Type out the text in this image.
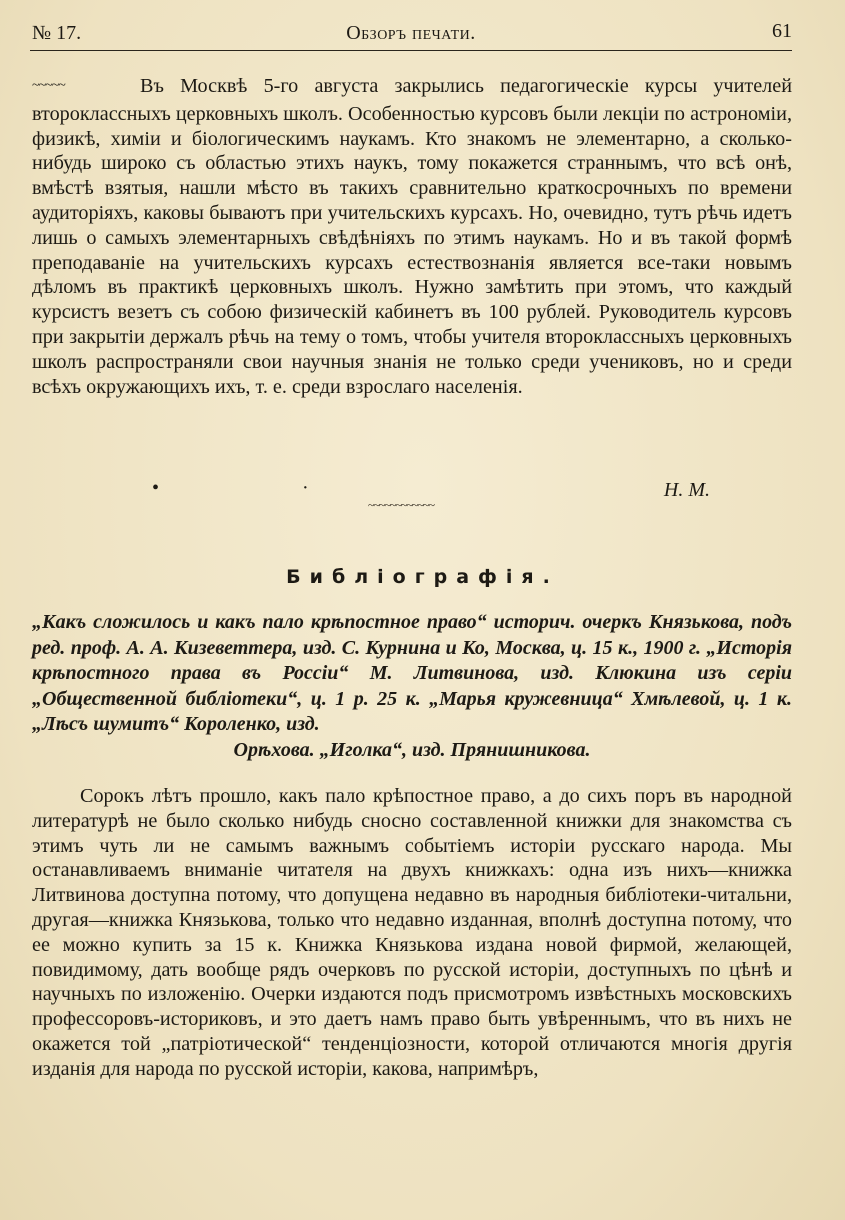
№ 17.	Обзоръ печати.	61
~~~~~	Въ Москвѣ 5-го августа закрылись педагогическіе курсы учителей второклассныхъ церковныхъ школъ. Особенностью курсовъ были лекціи по астрономіи, физикѣ, химіи и біологическимъ наукамъ. Кто знакомъ не элементарно, а сколько-нибудь широко съ областью этихъ наукъ, тому покажется страннымъ, что всѣ онѣ, вмѣстѣ взятыя, нашли мѣсто въ такихъ сравнительно краткосрочныхъ по времени аудиторіяхъ, каковы бываютъ при учительскихъ курсахъ. Но, очевидно, тутъ рѣчь идетъ лишь о самыхъ элементарныхъ свѣдѣніяхъ по этимъ наукамъ. Но и въ такой формѣ преподаваніе на учительскихъ курсахъ естествознанія является все-таки новымъ дѣломъ въ практикѣ церковныхъ школъ. Нужно замѣтить при этомъ, что каждый курсистъ везетъ съ собою физическій кабинетъ въ 100 рублей. Руководитель курсовъ при закрытіи держалъ рѣчь на тему о томъ, чтобы учителя второклассныхъ церковныхъ школъ распространяли свои научныя знанія не только среди учениковъ, но и среди всѣхъ окружающихъ ихъ, т. е. среди взрослаго населенія.
•	·	Н. М.
~~~~~~~~~~~~
Библіографія.
„Какъ сложилось и какъ пало крѣпостное право“ историч. очеркъ Князькова, подъ ред. проф. А. А. Кизеветтера, изд. С. Курнина и Ко, Москва, ц. 15 к., 1900 г. „Исторія крѣпостного права въ Россіи“ М. Литвинова, изд. Клюкина изъ серіи „Общественной библіотеки“, ц. 1 р. 25 к. „Марья кружевница“ Хмѣлевой, ц. 1 к. „Лѣсъ шумитъ“ Короленко, изд.
Орѣхова. „Иголка“, изд. Прянишникова.

Сорокъ лѣтъ прошло, какъ пало крѣпостное право, а до сихъ поръ въ народной литературѣ не было сколько нибудь сносно составленной книжки для знакомства съ этимъ чуть ли не самымъ важнымъ событіемъ исторіи русскаго народа. Мы останавливаемъ вниманіе читателя на двухъ книжкахъ: одна изъ нихъ—книжка Литвинова доступна потому, что допущена недавно въ народныя библіотеки-читальни, другая—книжка Князькова, только что недавно изданная, вполнѣ доступна потому, что ее можно купить за 15 к. Книжка Князькова издана новой фирмой, желающей, повидимому, дать вообще рядъ очерковъ по русской исторіи, доступныхъ по цѣнѣ и научныхъ по изложенію. Очерки издаются подъ присмотромъ извѣстныхъ московскихъ профессоровъ-историковъ, и это даетъ намъ право быть увѣреннымъ, что въ нихъ не окажется той „патріотической“ тенденціозности, которой отличаются многія другія изданія для народа по русской исторіи, какова, напримѣръ,
